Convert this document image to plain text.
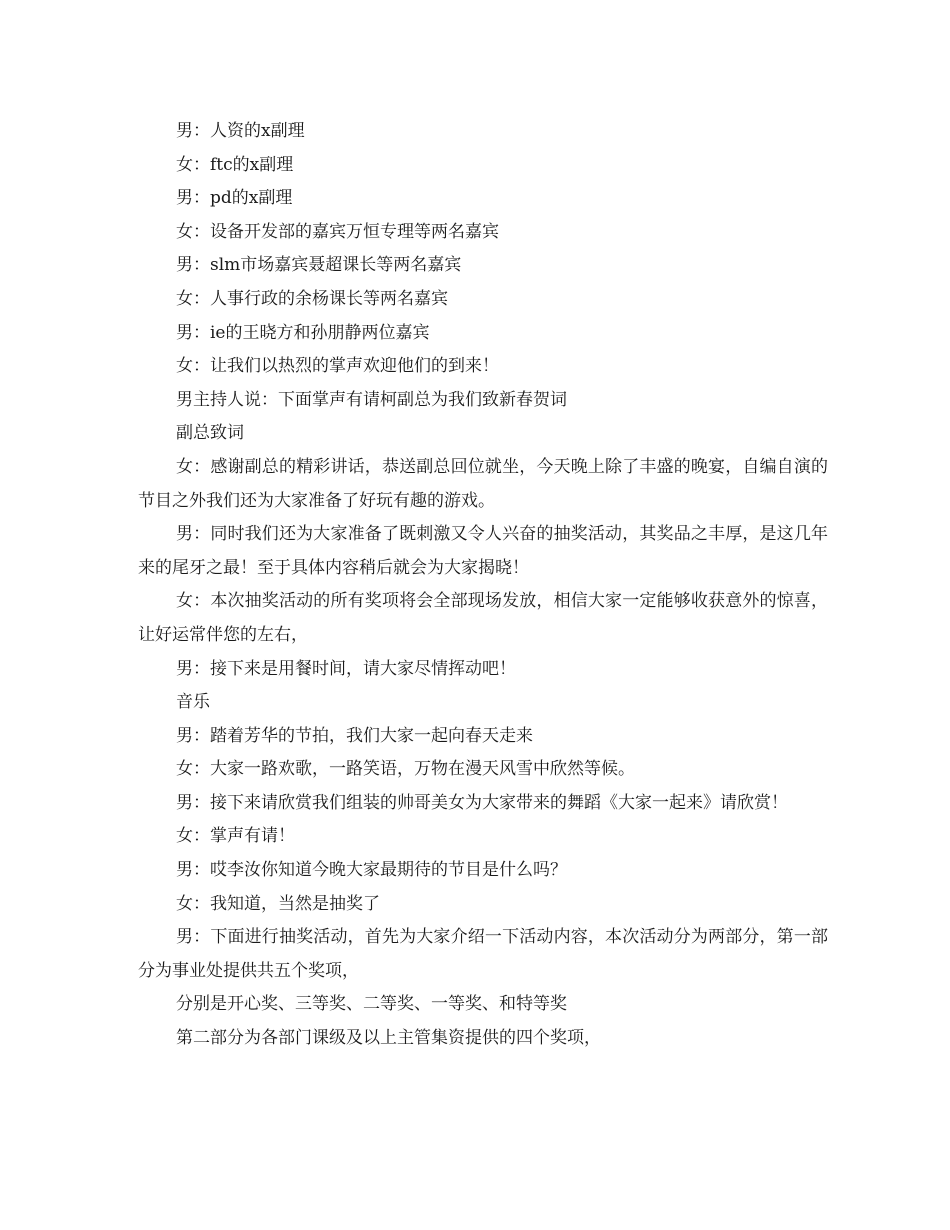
男：人资的x副理

女：ftc的x副理

男：pd的x副理

女：设备开发部的嘉宾万恒专理等两名嘉宾

男：slm市场嘉宾聂超课长等两名嘉宾

女：人事行政的余杨课长等两名嘉宾

男：ie的王晓方和孙朋静两位嘉宾

女：让我们以热烈的掌声欢迎他们的到来！

男主持人说：下面掌声有请柯副总为我们致新春贺词

副总致词

女：感谢副总的精彩讲话，恭送副总回位就坐，今天晚上除了丰盛的晚宴，自编自演的节目之外我们还为大家准备了好玩有趣的游戏。

男：同时我们还为大家准备了既刺激又令人兴奋的抽奖活动，其奖品之丰厚，是这几年来的尾牙之最！至于具体内容稍后就会为大家揭晓！

女：本次抽奖活动的所有奖项将会全部现场发放，相信大家一定能够收获意外的惊喜，让好运常伴您的左右，

男：接下来是用餐时间，请大家尽情挥动吧！

音乐

男：踏着芳华的节拍，我们大家一起向春天走来

女：大家一路欢歌，一路笑语，万物在漫天风雪中欣然等候。

男：接下来请欣赏我们组装的帅哥美女为大家带来的舞蹈《大家一起来》请欣赏！

女：掌声有请！

男：哎李汝你知道今晚大家最期待的节目是什么吗？

女：我知道，当然是抽奖了

男：下面进行抽奖活动，首先为大家介绍一下活动内容，本次活动分为两部分，第一部分为事业处提供共五个奖项，

分别是开心奖、三等奖、二等奖、一等奖、和特等奖

第二部分为各部门课级及以上主管集资提供的四个奖项，
